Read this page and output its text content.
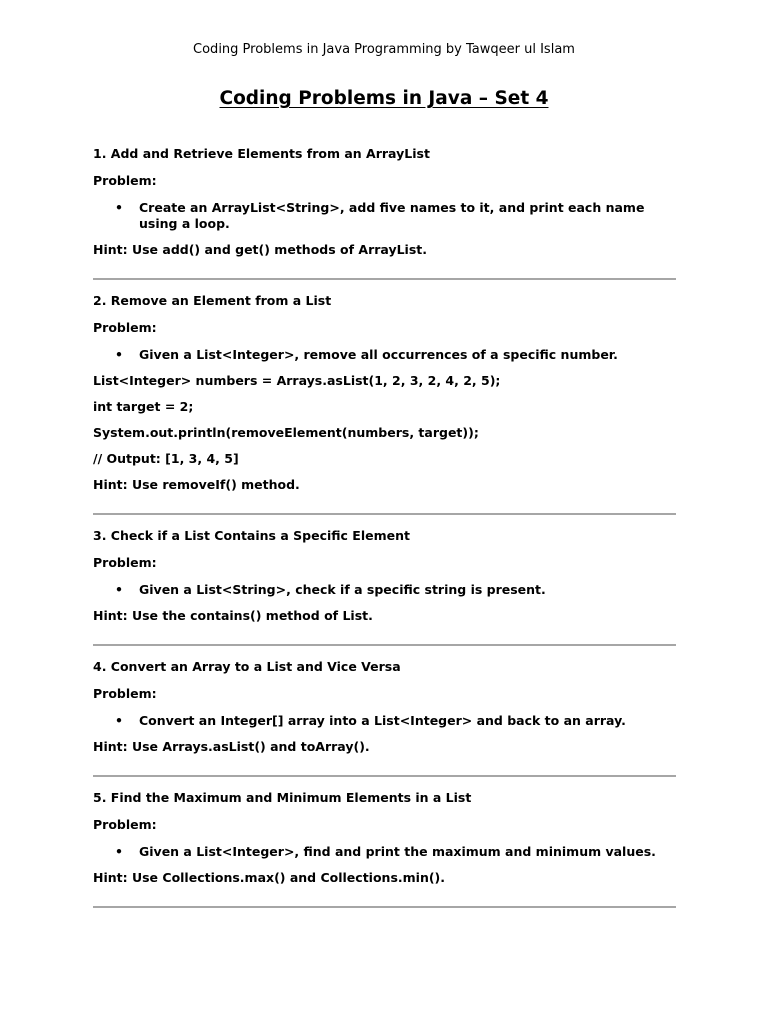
Coding Problems in Java Programming by Tawqeer ul Islam
Coding Problems in Java – Set 4

1. Add and Retrieve Elements from an ArrayList

Problem:

• Create an ArrayList<String>, add five names to it, and print each name using a loop.

Hint: Use add() and get() methods of ArrayList.

2. Remove an Element from a List

Problem:

• Given a List<Integer>, remove all occurrences of a specific number.

List<Integer> numbers = Arrays.asList(1, 2, 3, 2, 4, 2, 5);

int target = 2;

System.out.println(removeElement(numbers, target));

// Output: [1, 3, 4, 5]

Hint: Use removeIf() method.

3. Check if a List Contains a Specific Element

Problem:

• Given a List<String>, check if a specific string is present.

Hint: Use the contains() method of List.

4. Convert an Array to a List and Vice Versa

Problem:

• Convert an Integer[] array into a List<Integer> and back to an array.

Hint: Use Arrays.asList() and toArray().

5. Find the Maximum and Minimum Elements in a List

Problem:

• Given a List<Integer>, find and print the maximum and minimum values.

Hint: Use Collections.max() and Collections.min().
